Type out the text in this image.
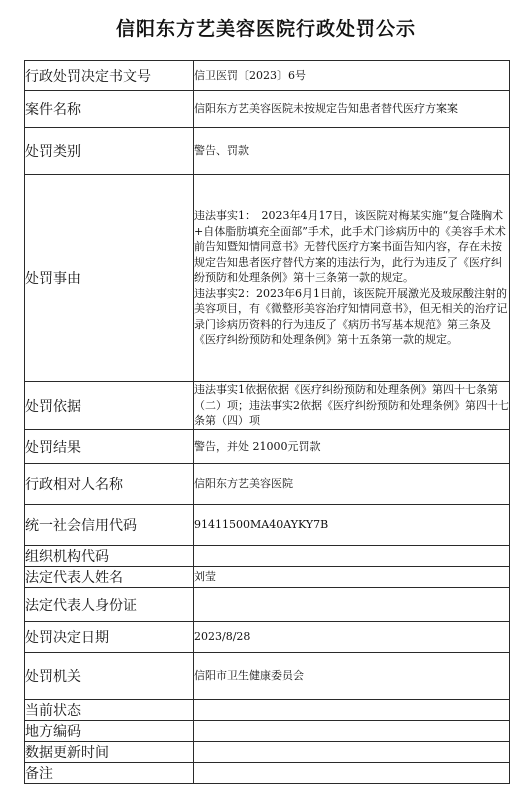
信阳东方艺美容医院行政处罚公示
行政处罚决定书文号	信卫医罚〔2023〕6号
案件名称	信阳东方艺美容医院未按规定告知患者替代医疗方案案
处罚类别	警告、罚款
处罚事由	违法事实1：　2023年4月17日，该医院对梅某实施“复合隆胸术+自体脂肪填充全面部”手术，此手术门诊病历中的《美容手术术前告知暨知情同意书》无替代医疗方案书面告知内容，存在未按规定告知患者医疗替代方案的违法行为，此行为违反了《医疗纠纷预防和处理条例》第十三条第一款的规定。
违法事实2：2023年6月1日前，该医院开展激光及玻尿酸注射的美容项目，有《微整形美容治疗知情同意书》，但无相关的治疗记录门诊病历资料的行为违反了《病历书写基本规范》第三条及《医疗纠纷预防和处理条例》第十五条第一款的规定。

处罚依据	违法事实1依据依据《医疗纠纷预防和处理条例》第四十七条第（二）项；违法事实2依据《医疗纠纷预防和处理条例》第四十七条第（四）项
处罚结果	警告，并处 21000元罚款
行政相对人名称	信阳东方艺美容医院
统一社会信用代码	91411500MA40AYKY7B
组织机构代码	
法定代表人姓名	刘莹
法定代表人身份证	
处罚决定日期	2023/8/28
处罚机关	信阳市卫生健康委员会
当前状态	
地方编码	
数据更新时间	
备注	
